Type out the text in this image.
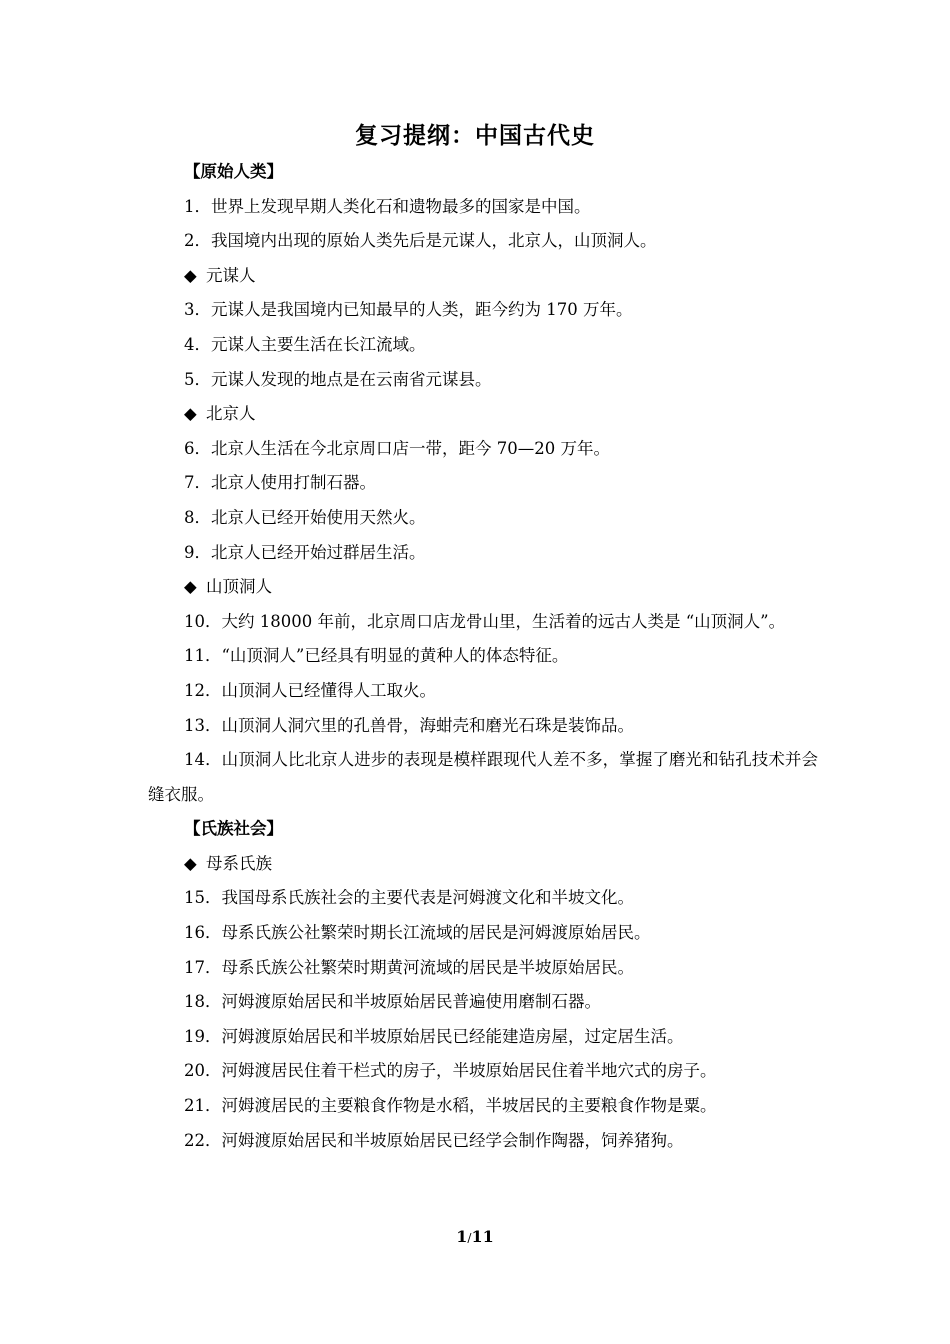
复习提纲：中国古代史
【原始人类】
1．世界上发现早期人类化石和遗物最多的国家是中国。
2．我国境内出现的原始人类先后是元谋人，北京人，山顶洞人。
◆ 元谋人
3．元谋人是我国境内已知最早的人类，距今约为 170 万年。
4．元谋人主要生活在长江流域。
5．元谋人发现的地点是在云南省元谋县。
◆ 北京人
6．北京人生活在今北京周口店一带，距今 70—20 万年。
7．北京人使用打制石器。
8．北京人已经开始使用天然火。
9．北京人已经开始过群居生活。
◆ 山顶洞人
10．大约 18000 年前，北京周口店龙骨山里，生活着的远古人类是 “山顶洞人”。
11．“山顶洞人”已经具有明显的黄种人的体态特征。
12．山顶洞人已经懂得人工取火。
13．山顶洞人洞穴里的孔兽骨，海蚶壳和磨光石珠是装饰品。
14．山顶洞人比北京人进步的表现是模样跟现代人差不多，掌握了磨光和钻孔技术并会缝衣服。
【氏族社会】
◆ 母系氏族
15．我国母系氏族社会的主要代表是河姆渡文化和半坡文化。
16．母系氏族公社繁荣时期长江流域的居民是河姆渡原始居民。
17．母系氏族公社繁荣时期黄河流域的居民是半坡原始居民。
18．河姆渡原始居民和半坡原始居民普遍使用磨制石器。
19．河姆渡原始居民和半坡原始居民已经能建造房屋，过定居生活。
20．河姆渡居民住着干栏式的房子，半坡原始居民住着半地穴式的房子。
21．河姆渡居民的主要粮食作物是水稻，半坡居民的主要粮食作物是粟。
22．河姆渡原始居民和半坡原始居民已经学会制作陶器，饲养猪狗。
1/11
